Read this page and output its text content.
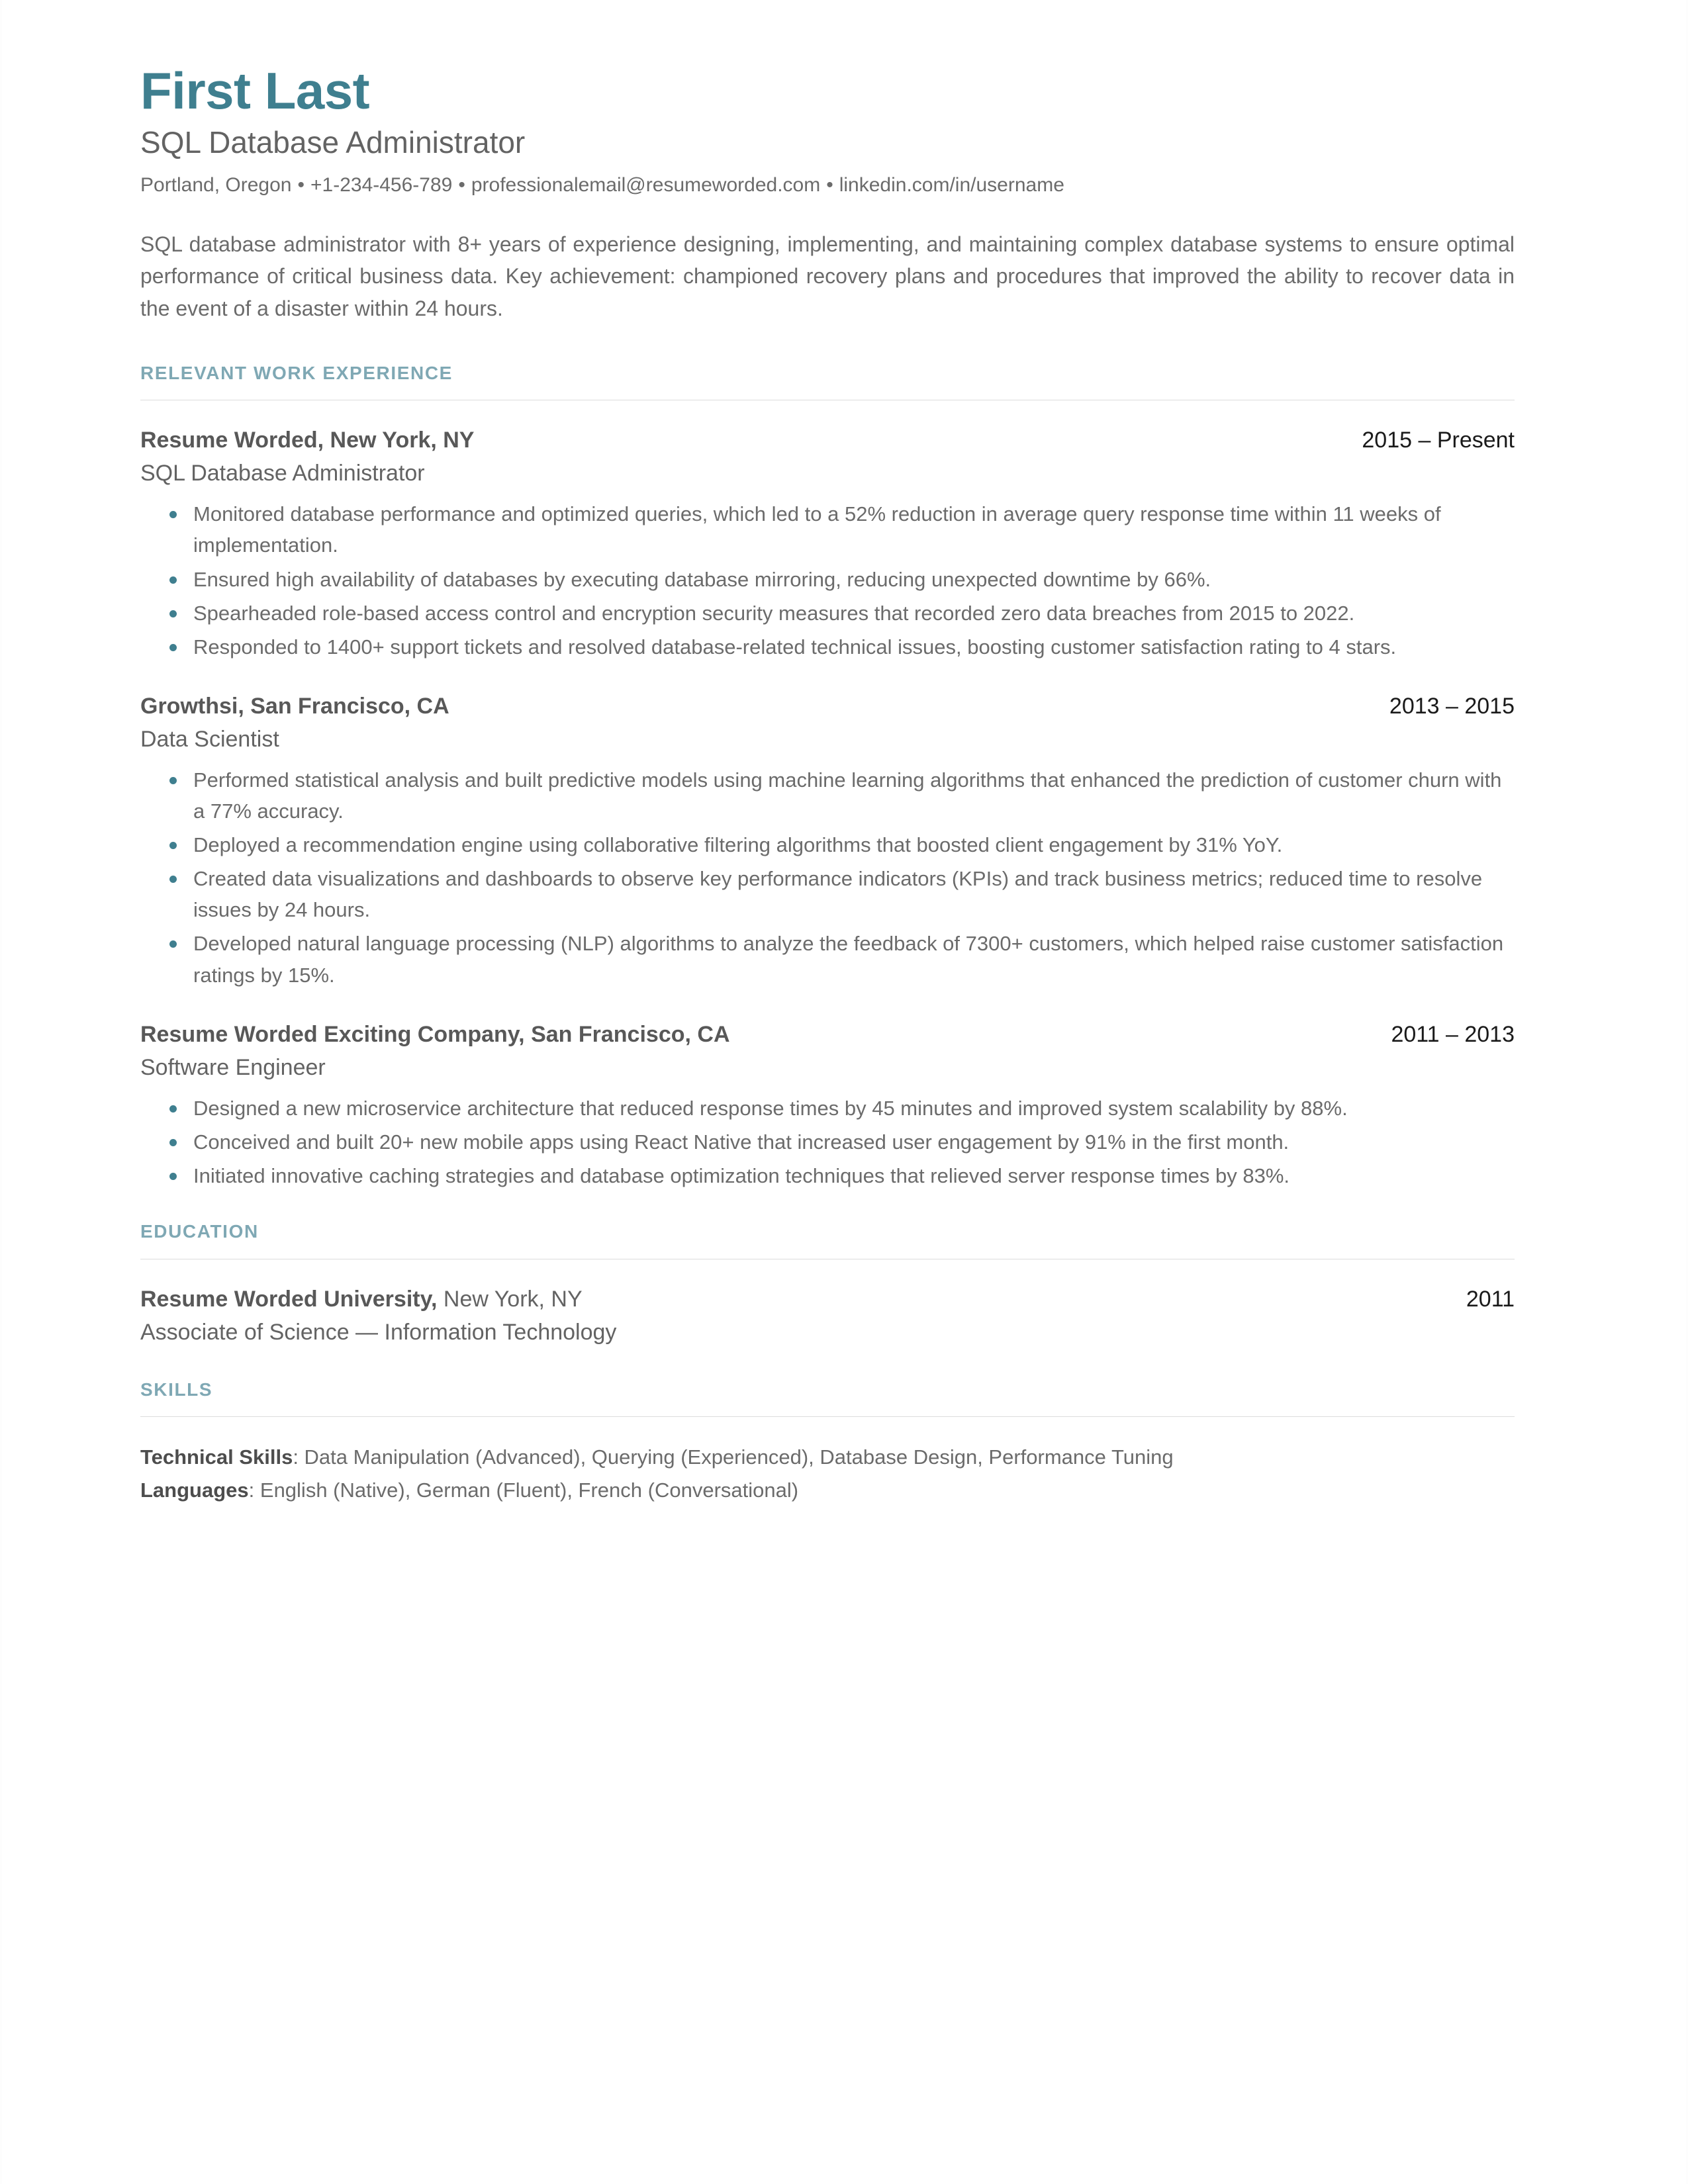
First Last
SQL Database Administrator
Portland, Oregon • +1-234-456-789 • professionalemail@resumeworded.com • linkedin.com/in/username

SQL database administrator with 8+ years of experience designing, implementing, and maintaining complex database systems to ensure optimal performance of critical business data. Key achievement: championed recovery plans and procedures that improved the ability to recover data in the event of a disaster within 24 hours.

RELEVANT WORK EXPERIENCE
Resume Worded, New York, NY	2015 – Present
SQL Database Administrator
Monitored database performance and optimized queries, which led to a 52% reduction in average query response time within 11 weeks of implementation.
Ensured high availability of databases by executing database mirroring, reducing unexpected downtime by 66%.
Spearheaded role-based access control and encryption security measures that recorded zero data breaches from 2015 to 2022.
Responded to 1400+ support tickets and resolved database-related technical issues, boosting customer satisfaction rating to 4 stars.
Growthsi, San Francisco, CA	2013 – 2015
Data Scientist
Performed statistical analysis and built predictive models using machine learning algorithms that enhanced the prediction of customer churn with a 77% accuracy.
Deployed a recommendation engine using collaborative filtering algorithms that boosted client engagement by 31% YoY.
Created data visualizations and dashboards to observe key performance indicators (KPIs) and track business metrics; reduced time to resolve issues by 24 hours.
Developed natural language processing (NLP) algorithms to analyze the feedback of 7300+ customers, which helped raise customer satisfaction ratings by 15%.
Resume Worded Exciting Company, San Francisco, CA	2011 – 2013
Software Engineer
Designed a new microservice architecture that reduced response times by 45 minutes and improved system scalability by 88%.
Conceived and built 20+ new mobile apps using React Native that increased user engagement by 91% in the first month.
Initiated innovative caching strategies and database optimization techniques that relieved server response times by 83%.
EDUCATION
Resume Worded University, New York, NY	2011
Associate of Science — Information Technology
SKILLS
Technical Skills: Data Manipulation (Advanced), Querying (Experienced), Database Design, Performance Tuning
Languages: English (Native), German (Fluent), French (Conversational)
